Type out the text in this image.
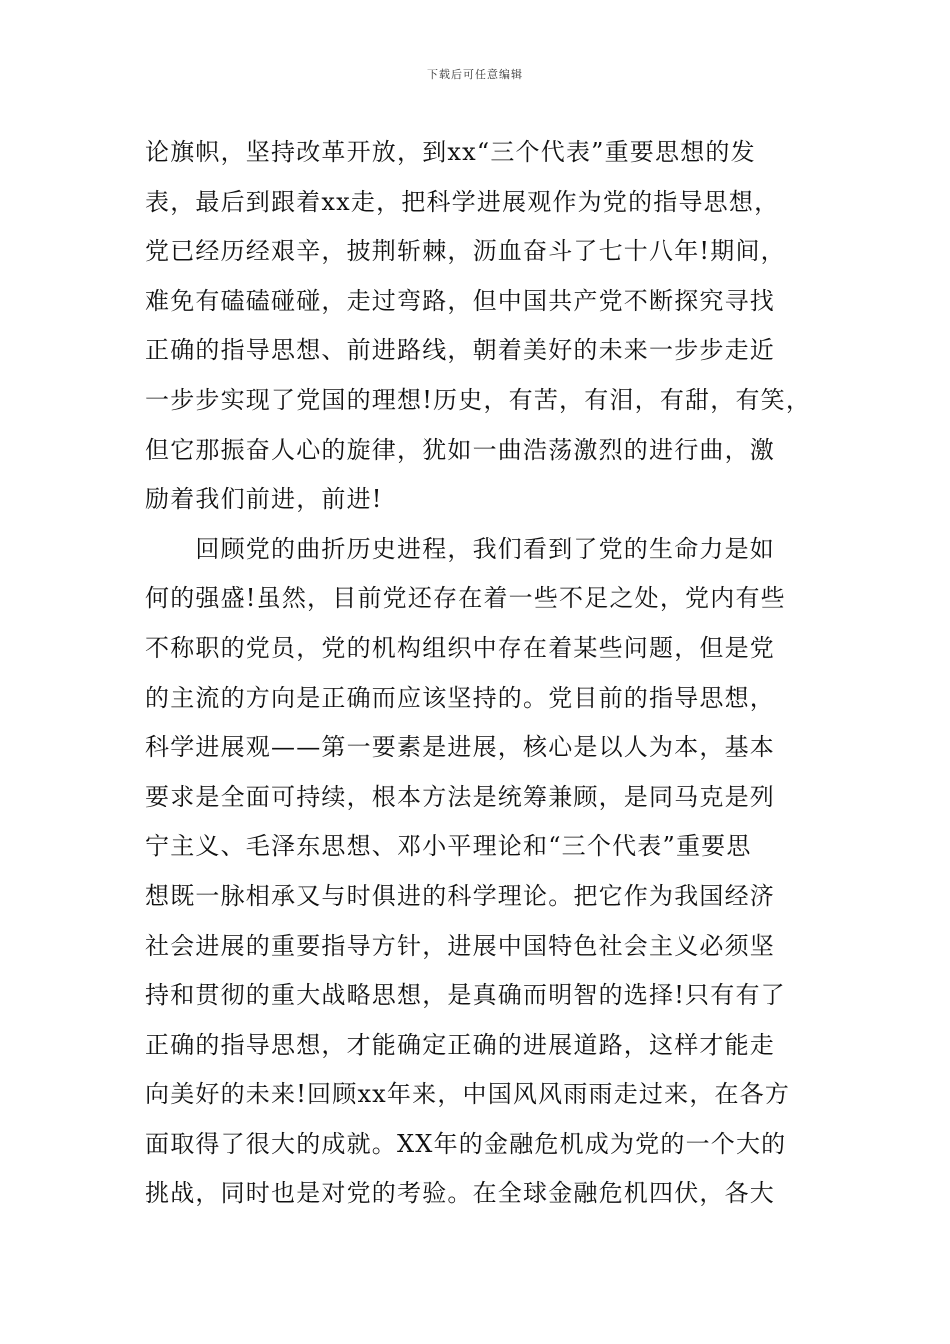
下载后可任意编辑
论旗帜，坚持改革开放，到xx“三个代表”重要思想的发
表，最后到跟着xx走，把科学进展观作为党的指导思想，
党已经历经艰辛，披荆斩棘，沥血奋斗了七十八年!期间，
难免有磕磕碰碰，走过弯路，但中国共产党不断探究寻找
正确的指导思想、前进路线，朝着美好的未来一步步走近
一步步实现了党国的理想!历史，有苦，有泪，有甜，有笑，
但它那振奋人心的旋律，犹如一曲浩荡激烈的进行曲，激
励着我们前进，前进!
　　回顾党的曲折历史进程，我们看到了党的生命力是如
何的强盛!虽然，目前党还存在着一些不足之处，党内有些
不称职的党员，党的机构组织中存在着某些问题，但是党
的主流的方向是正确而应该坚持的。党目前的指导思想，
科学进展观——第一要素是进展，核心是以人为本，基本
要求是全面可持续，根本方法是统筹兼顾，是同马克是列
宁主义、毛泽东思想、邓小平理论和“三个代表”重要思
想既一脉相承又与时俱进的科学理论。把它作为我国经济
社会进展的重要指导方针，进展中国特色社会主义必须坚
持和贯彻的重大战略思想，是真确而明智的选择!只有有了
正确的指导思想，才能确定正确的进展道路，这样才能走
向美好的未来!回顾xx年来，中国风风雨雨走过来，在各方
面取得了很大的成就。XX年的金融危机成为党的一个大的
挑战，同时也是对党的考验。在全球金融危机四伏，各大
